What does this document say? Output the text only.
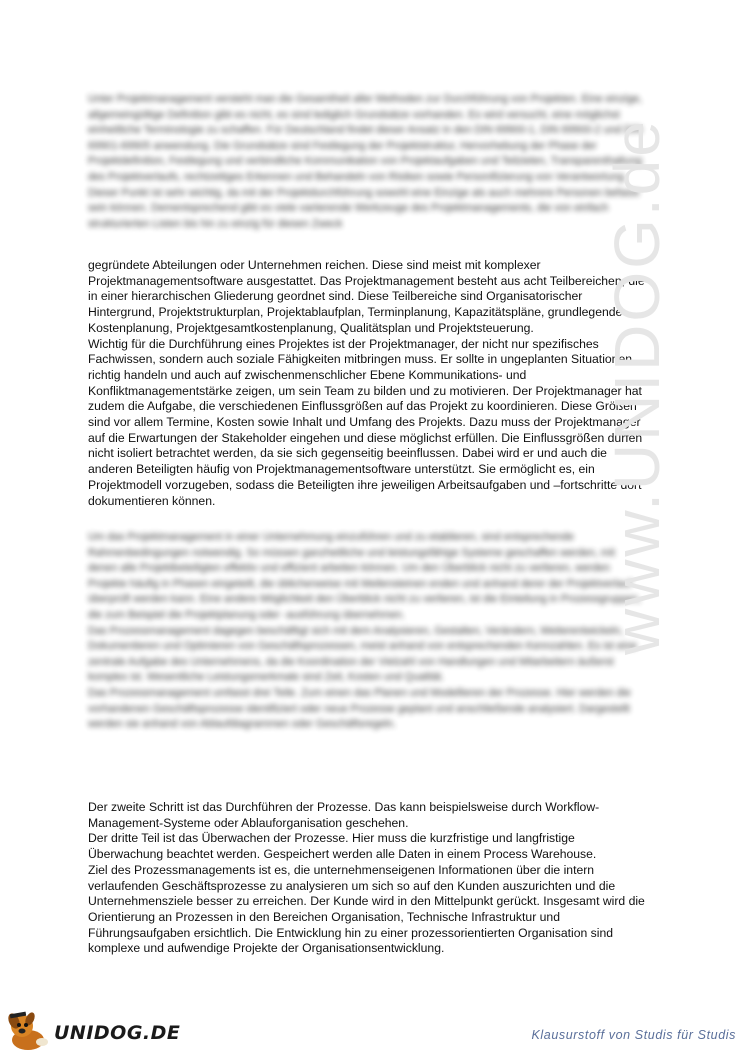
Unter Projektmanagement versteht man die Gesamtheit aller Methoden zur Durchführung von Projekten. Eine einzige, allgemeingültige Definition gibt es nicht, es sind lediglich Grundsätze vorhanden. Es wird versucht, eine möglichst einheitliche Terminologie zu schaffen. Für Deutschland findet dieser Ansatz in den DIN 69900-1, DIN 69900-2 und DIN 69901-69905 anwendung. Die Grundsätze sind Festlegung der Projektstruktur, Hervorhebung der Phase der Projektdefinition, Festlegung und verbindliche Kommunikation von Projektaufgaben und Teilzielen, Transparenthaltung des Projektverlaufs, rechtzeitiges Erkennen und Behandeln von Risiken sowie Personifizierung von Verantwortung. Dieser Punkt ist sehr wichtig, da mit der Projektdurchführung sowohl eine Einzige als auch mehrere Personen befasst sein können. Dementsprechend gibt es viele variierende Werkzeuge des Projektmanagements, die von einfach strukturierten Listen bis hin zu einzig für diesen Zweck

gegründete Abteilungen oder Unternehmen reichen. Diese sind meist mit komplexer Projektmanagementsoftware ausgestattet. Das Projektmanagement besteht aus acht Teilbereichen, die in einer hierarchischen Gliederung geordnet sind. Diese Teilbereiche sind Organisatorischer Hintergrund, Projektstrukturplan, Projektablaufplan, Terminplanung, Kapazitätspläne, grundlegende Kostenplanung, Projektgesamtkostenplanung, Qualitätsplan und Projektsteuerung.

Wichtig für die Durchführung eines Projektes ist der Projektmanager, der nicht nur spezifisches Fachwissen, sondern auch soziale Fähigkeiten mitbringen muss. Er sollte in ungeplanten Situationen richtig handeln und auch auf zwischenmenschlicher Ebene Kommunikations- und Konfliktmanagementstärke zeigen, um sein Team zu bilden und zu motivieren. Der Projektmanager hat zudem die Aufgabe, die verschiedenen Einflussgrößen auf das Projekt zu koordinieren. Diese Größen sind vor allem Termine, Kosten sowie Inhalt und Umfang des Projekts. Dazu muss der Projektmanager auf die Erwartungen der Stakeholder eingehen und diese möglichst erfüllen. Die Einflussgrößen dürfen nicht isoliert betrachtet werden, da sie sich gegenseitig beeinflussen. Dabei wird er und auch die anderen Beteiligten häufig von Projektmanagementsoftware unterstützt. Sie ermöglicht es, ein Projektmodell vorzugeben, sodass die Beteiligten ihre jeweiligen Arbeitsaufgaben und –fortschritte dort dokumentieren können.

Um das Projektmanagement in einer Unternehmung einzuführen und zu etablieren, sind entsprechende Rahmenbedingungen notwendig. So müssen ganzheitliche und leistungsfähige Systeme geschaffen werden, mit denen alle Projektbeteiligten effektiv und effizient arbeiten können. Um den Überblick nicht zu verlieren, werden Projekte häufig in Phasen eingeteilt, die üblicherweise mit Meilensteinen enden und anhand derer der Projektverlauf überprüft werden kann. Eine andere Möglichkeit den Überblick nicht zu verlieren, ist die Einteilung in Prozessgruppen, die zum Beispiel die Projektplanung oder -ausführung übernehmen.

Das Prozessmanagement dagegen beschäftigt sich mit dem Analysieren, Gestalten, Verändern, Weiterentwickeln, Dokumentieren und Optimieren von Geschäftsprozessen, meist anhand von entsprechenden Kennzahlen. Es ist eine zentrale Aufgabe des Unternehmens, da die Koordination der Vielzahl von Handlungen und Mitarbeitern äußerst komplex ist. Wesentliche Leistungsmerkmale sind Zeit, Kosten und Qualität.

Das Prozessmanagement umfasst drei Teile. Zum einen das Planen und Modellieren der Prozesse. Hier werden die vorhandenen Geschäftsprozesse identifiziert oder neue Prozesse geplant und anschließende analysiert. Dargestellt werden sie anhand von Ablaufdiagrammen oder Geschäftsregeln.

Der zweite Schritt ist das Durchführen der Prozesse. Das kann beispielsweise durch Workflow-Management-Systeme oder Ablauforganisation geschehen.

Der dritte Teil ist das Überwachen der Prozesse. Hier muss die kurzfristige und langfristige Überwachung beachtet werden. Gespeichert werden alle Daten in einem Process Warehouse.

Ziel des Prozessmanagements ist es, die unternehmenseigenen Informationen über die intern verlaufenden Geschäftsprozesse zu analysieren um sich so auf den Kunden auszurichten und die Unternehmensziele besser zu erreichen. Der Kunde wird in den Mittelpunkt gerückt. Insgesamt wird die Orientierung an Prozessen in den Bereichen Organisation, Technische Infrastruktur und Führungsaufgaben ersichtlich. Die Entwicklung hin zu einer prozessorientierten Organisation sind komplexe und aufwendige Projekte der Organisationsentwicklung.

www.UNIDOG.de
UNIDOG.DE	Klausurstoff von Studis für Studis
